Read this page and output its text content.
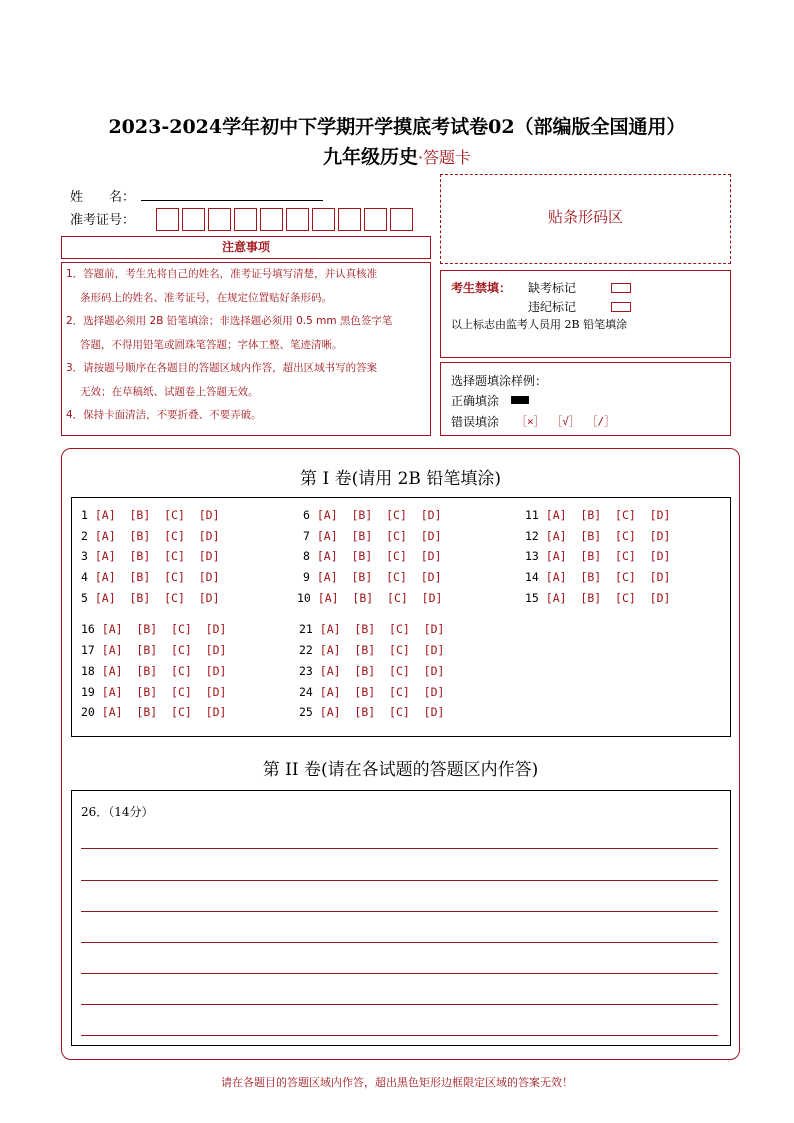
2023-2024学年初中下学期开学摸底考试卷02（部编版全国通用）
九年级历史·答题卡
姓　　名：
准考证号：	贴条形码区
注意事项

1．答题前，考生先将自己的姓名，准考证号填写清楚，并认真核准

条形码上的姓名、准考证号，在规定位置贴好条形码。

2．选择题必须用 2B 铅笔填涂；非选择题必须用 0.5 mm 黑色签字笔

答题，不得用铅笔或圆珠笔答题；字体工整、笔迹清晰。

3．请按题号顺序在各题目的答题区域内作答，超出区域书写的答案

无效；在草稿纸、试题卷上答题无效。

4．保持卡面清洁，不要折叠、不要弄破。

考生禁填： 缺考标记
违纪标记
以上标志由监考人员用 2B 铅笔填涂
选择题填涂样例：
正确填涂
错误填涂 ［×］ ［√］ ［/］
第 I 卷(请用 2B 铅笔填涂)
1 [A]  [B]  [C]  [D]
2 [A]  [B]  [C]  [D]
3 [A]  [B]  [C]  [D]
4 [A]  [B]  [C]  [D]
5 [A]  [B]  [C]  [D]
6 [A]  [B]  [C]  [D]
7 [A]  [B]  [C]  [D]
8 [A]  [B]  [C]  [D]
9 [A]  [B]  [C]  [D]
10 [A]  [B]  [C]  [D]
11 [A]  [B]  [C]  [D]
12 [A]  [B]  [C]  [D]
13 [A]  [B]  [C]  [D]
14 [A]  [B]  [C]  [D]
15 [A]  [B]  [C]  [D]
16 [A]  [B]  [C]  [D]
17 [A]  [B]  [C]  [D]
18 [A]  [B]  [C]  [D]
19 [A]  [B]  [C]  [D]
20 [A]  [B]  [C]  [D]
21 [A]  [B]  [C]  [D]
22 [A]  [B]  [C]  [D]
23 [A]  [B]  [C]  [D]
24 [A]  [B]  [C]  [D]
25 [A]  [B]  [C]  [D]
第 II 卷(请在各试题的答题区内作答)
26．（14分）
请在各题目的答题区域内作答，超出黑色矩形边框限定区域的答案无效！
